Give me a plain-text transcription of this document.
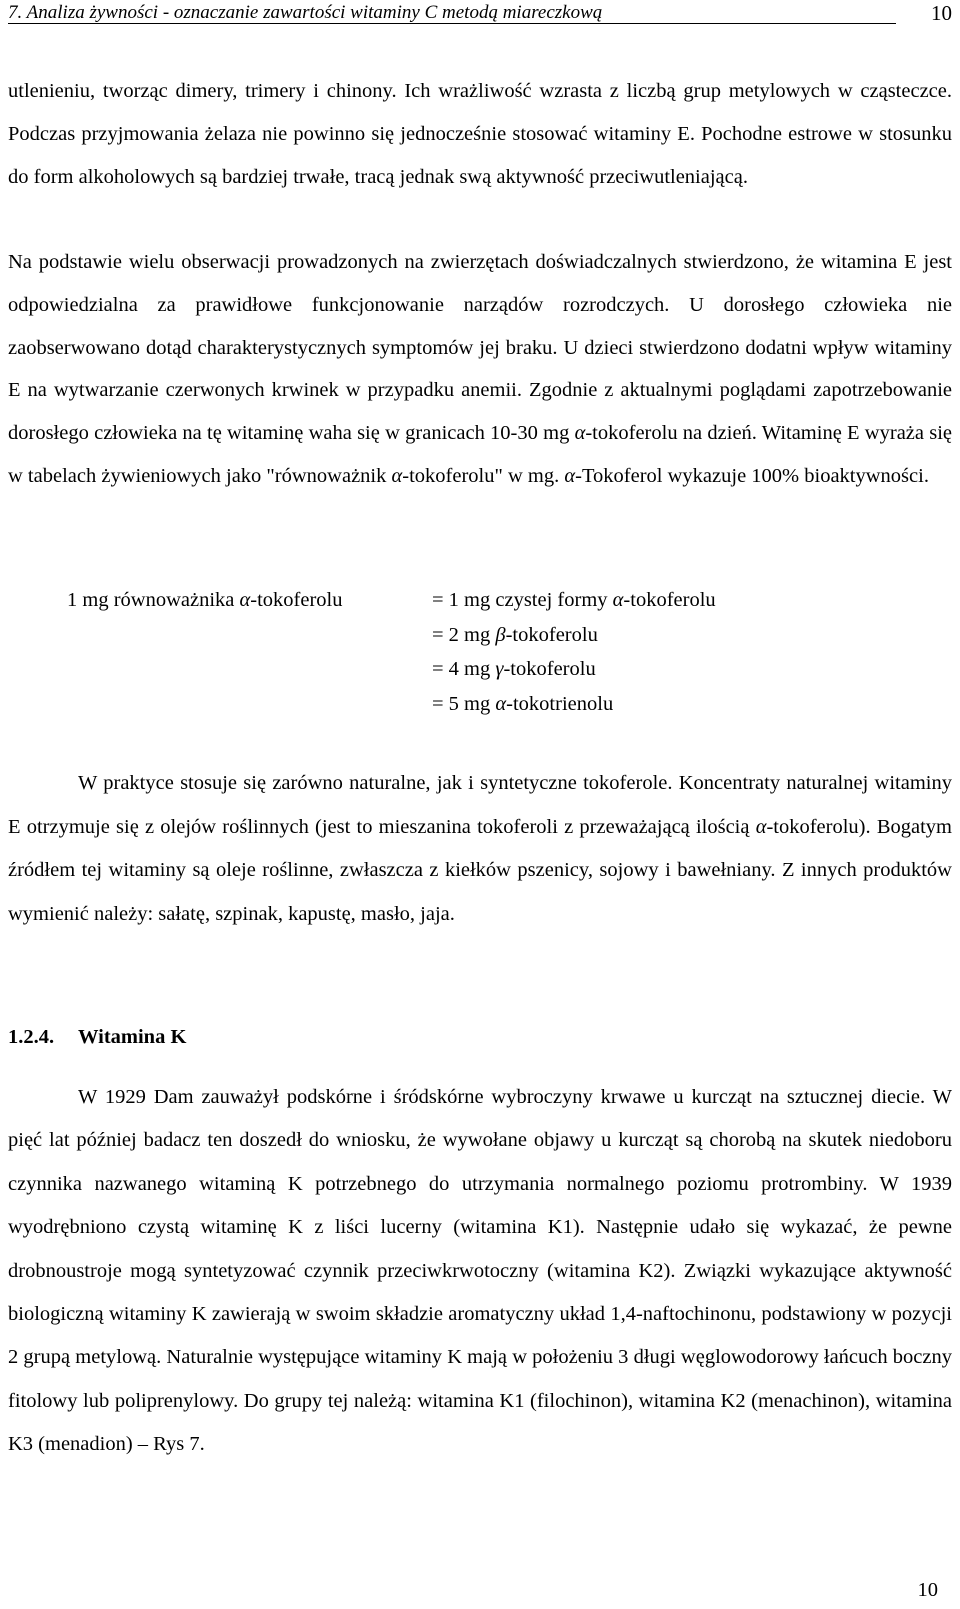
7. Analiza żywności - oznaczanie zawartości witaminy C metodą miareczkową	10

utlenieniu, tworząc dimery, trimery i chinony. Ich wrażliwość wzrasta z liczbą grup metylowych w cząsteczce. Podczas przyjmowania żelaza nie powinno się jednocześnie stosować witaminy E. Pochodne estrowe w stosunku do form alkoholowych są bardziej trwałe, tracą jednak swą aktywność przeciwutleniającą.

Na podstawie wielu obserwacji prowadzonych na zwierzętach doświadczalnych stwierdzono, że witamina E jest odpowiedzialna za prawidłowe funkcjonowanie narządów rozrodczych. U dorosłego człowieka nie zaobserwowano dotąd charakterystycznych symptomów jej braku. U dzieci stwierdzono dodatni wpływ witaminy E na wytwarzanie czerwonych krwinek w przypadku anemii. Zgodnie z aktualnymi poglądami zapotrzebowanie dorosłego człowieka na tę witaminę waha się w granicach 10-30 mg α-tokoferolu na dzień. Witaminę E wyraża się w tabelach żywieniowych jako "równoważnik α-tokoferolu" w mg. α-Tokoferol wykazuje 100% bioaktywności.

1 mg równoważnika α-tokoferolu	= 1 mg czystej formy α-tokoferolu
= 2 mg β-tokoferolu
= 4 mg γ-tokoferolu
= 5 mg α-tokotrienolu

W praktyce stosuje się zarówno naturalne, jak i syntetyczne tokoferole. Koncentraty naturalnej witaminy E otrzymuje się z olejów roślinnych (jest to mieszanina tokoferoli z przeważającą ilością α-tokoferolu). Bogatym źródłem tej witaminy są oleje roślinne, zwłaszcza z kiełków pszenicy, sojowy i bawełniany. Z innych produktów wymienić należy: sałatę, szpinak, kapustę, masło, jaja.

1.2.4. Witamina K

W 1929 Dam zauważył podskórne i śródskórne wybroczyny krwawe u kurcząt na sztucznej diecie. W pięć lat później badacz ten doszedł do wniosku, że wywołane objawy u kurcząt są chorobą na skutek niedoboru czynnika nazwanego witaminą K potrzebnego do utrzymania normalnego poziomu protrombiny. W 1939 wyodrębniono czystą witaminę K z liści lucerny (witamina K1). Następnie udało się wykazać, że pewne drobnoustroje mogą syntetyzować czynnik przeciwkrwotoczny (witamina K2). Związki wykazujące aktywność biologiczną witaminy K zawierają w swoim składzie aromatyczny układ 1,4-naftochinonu, podstawiony w pozycji 2 grupą metylową. Naturalnie występujące witaminy K mają w położeniu 3 długi węglowodorowy łańcuch boczny fitolowy lub poliprenylowy. Do grupy tej należą: witamina K1 (filochinon), witamina K2 (menachinon), witamina K3 (menadion) – Rys 7.

10
